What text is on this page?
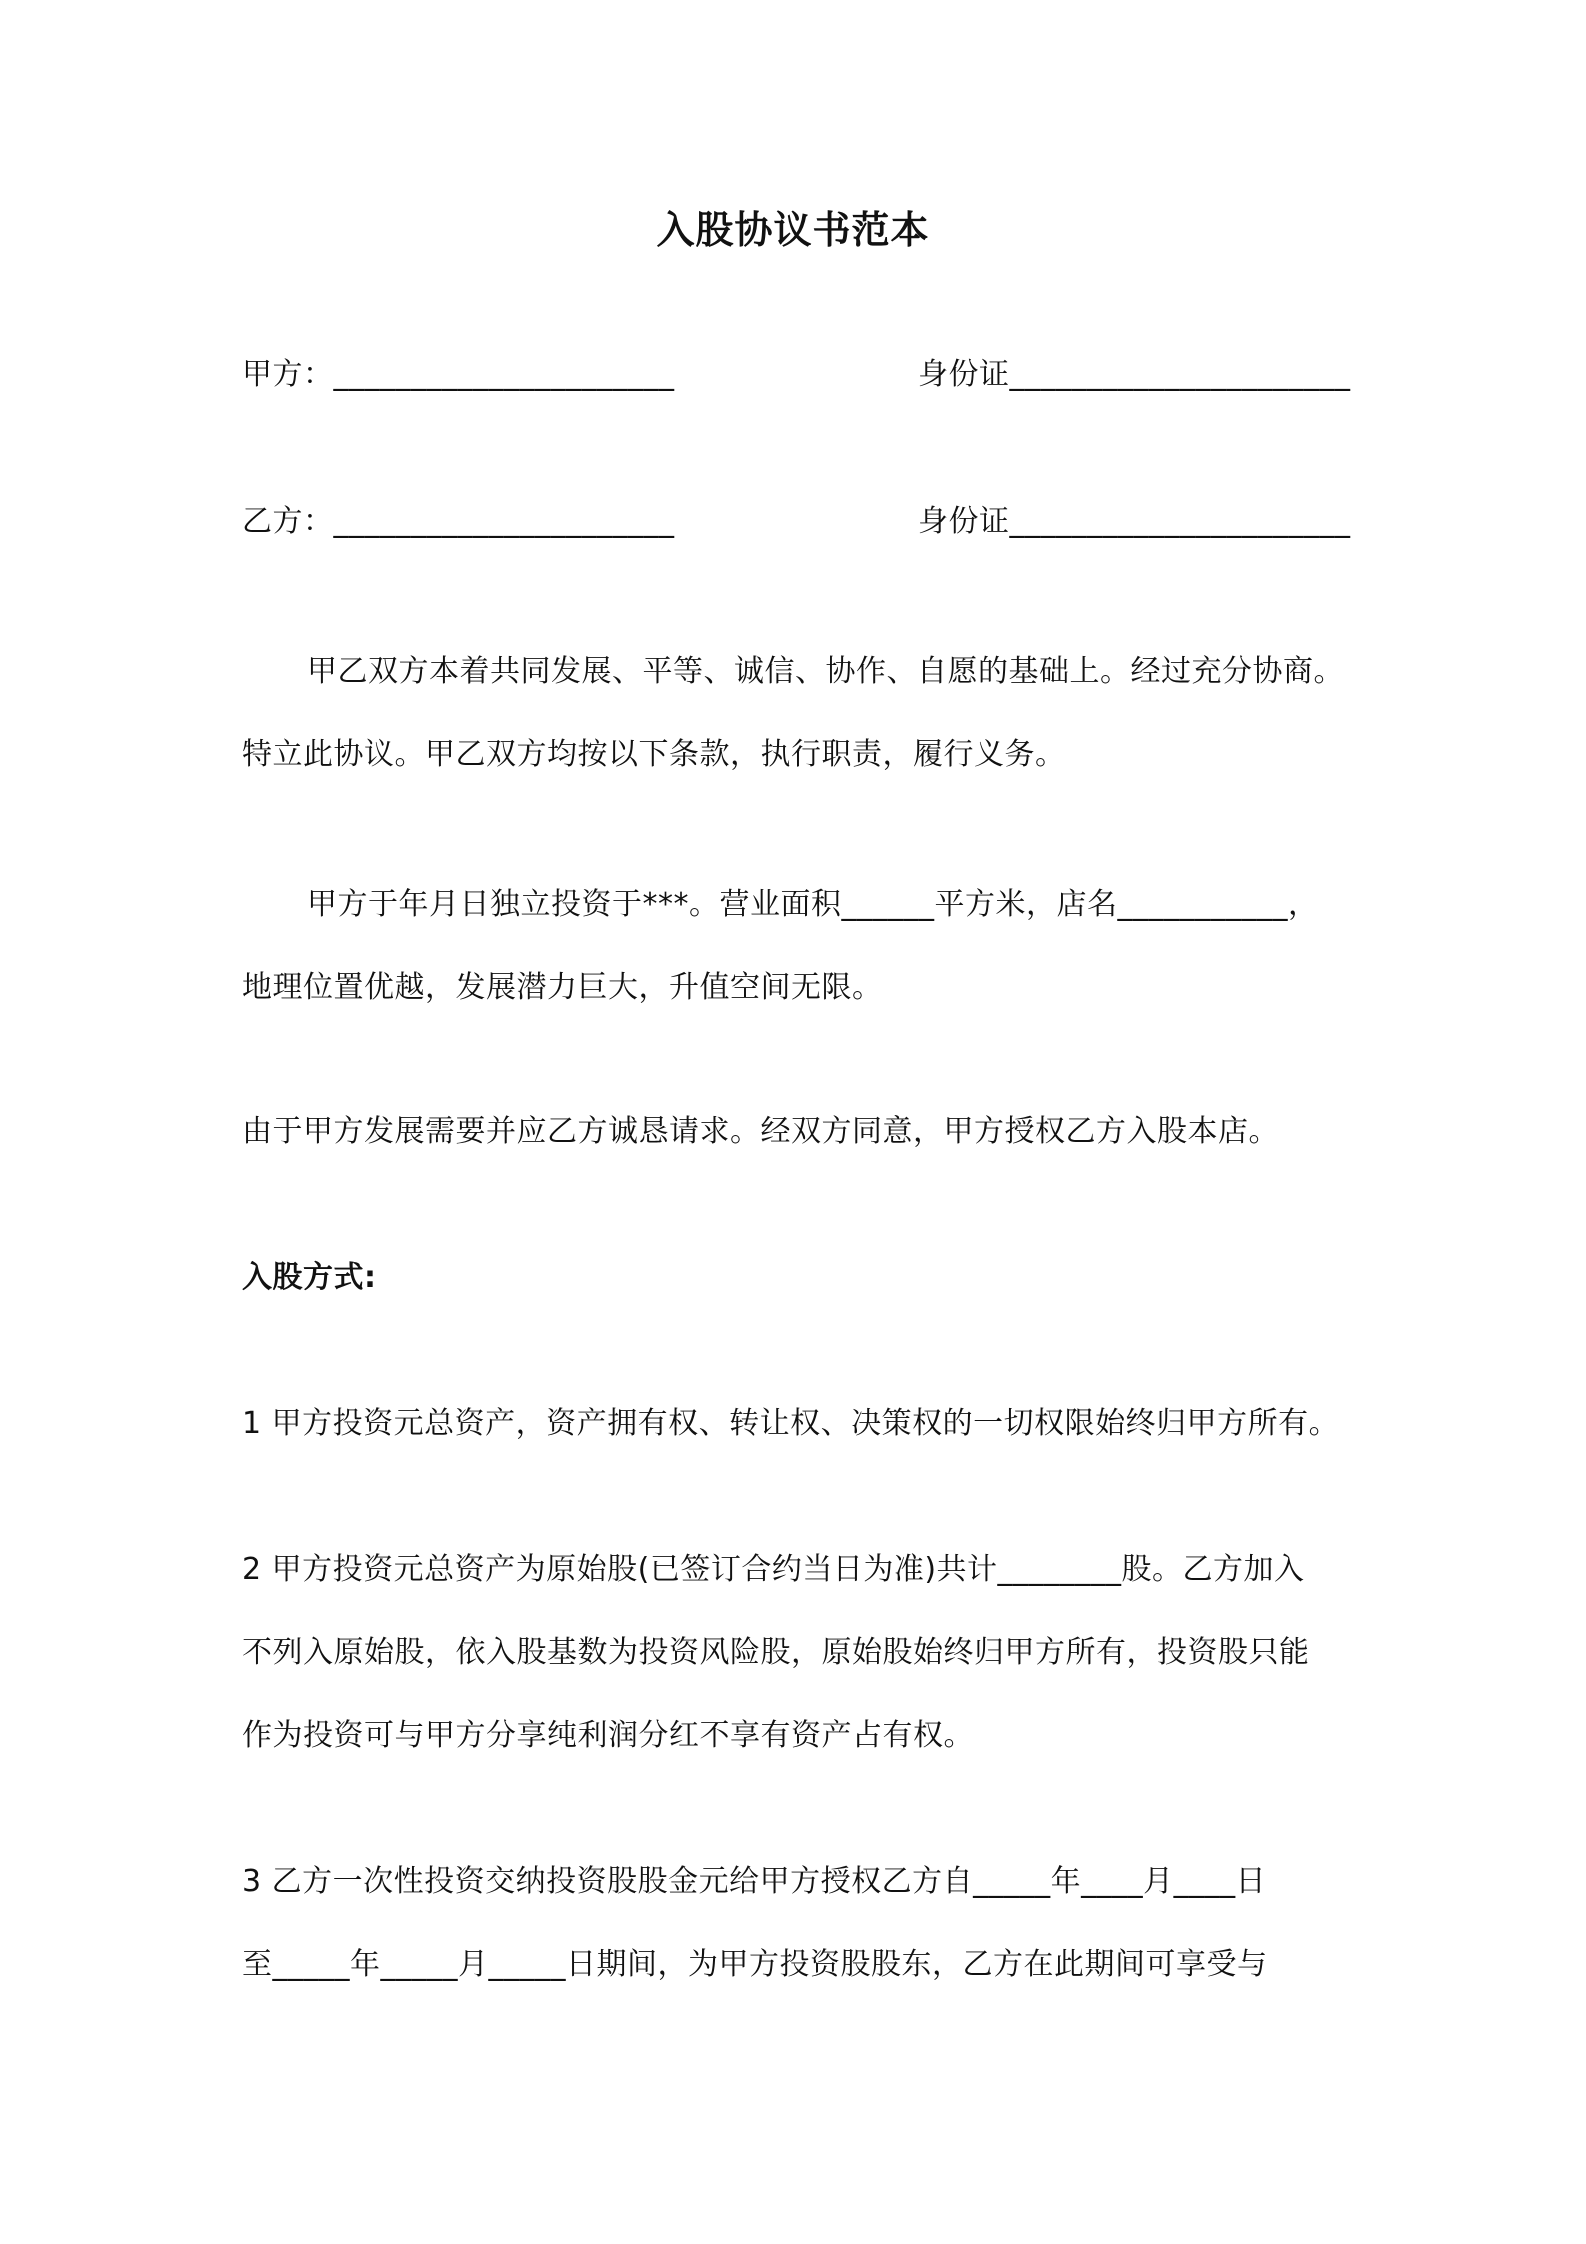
入股协议书范本
甲方：______________________	身份证______________________
乙方：______________________	身份证______________________
甲乙双方本着共同发展、平等、诚信、协作、自愿的基础上。经过充分协商。
特立此协议。甲乙双方均按以下条款，执行职责，履行义务。
甲方于年月日独立投资于***。营业面积______平方米，店名___________，
地理位置优越，发展潜力巨大，升值空间无限。
由于甲方发展需要并应乙方诚恳请求。经双方同意，甲方授权乙方入股本店。
入股方式:
1 甲方投资元总资产，资产拥有权、转让权、决策权的一切权限始终归甲方所有。
2 甲方投资元总资产为原始股(已签订合约当日为准)共计________股。乙方加入
不列入原始股，依入股基数为投资风险股，原始股始终归甲方所有，投资股只能
作为投资可与甲方分享纯利润分红不享有资产占有权。
3 乙方一次性投资交纳投资股股金元给甲方授权乙方自_____年____月____日
至_____年_____月_____日期间，为甲方投资股股东，乙方在此期间可享受与
